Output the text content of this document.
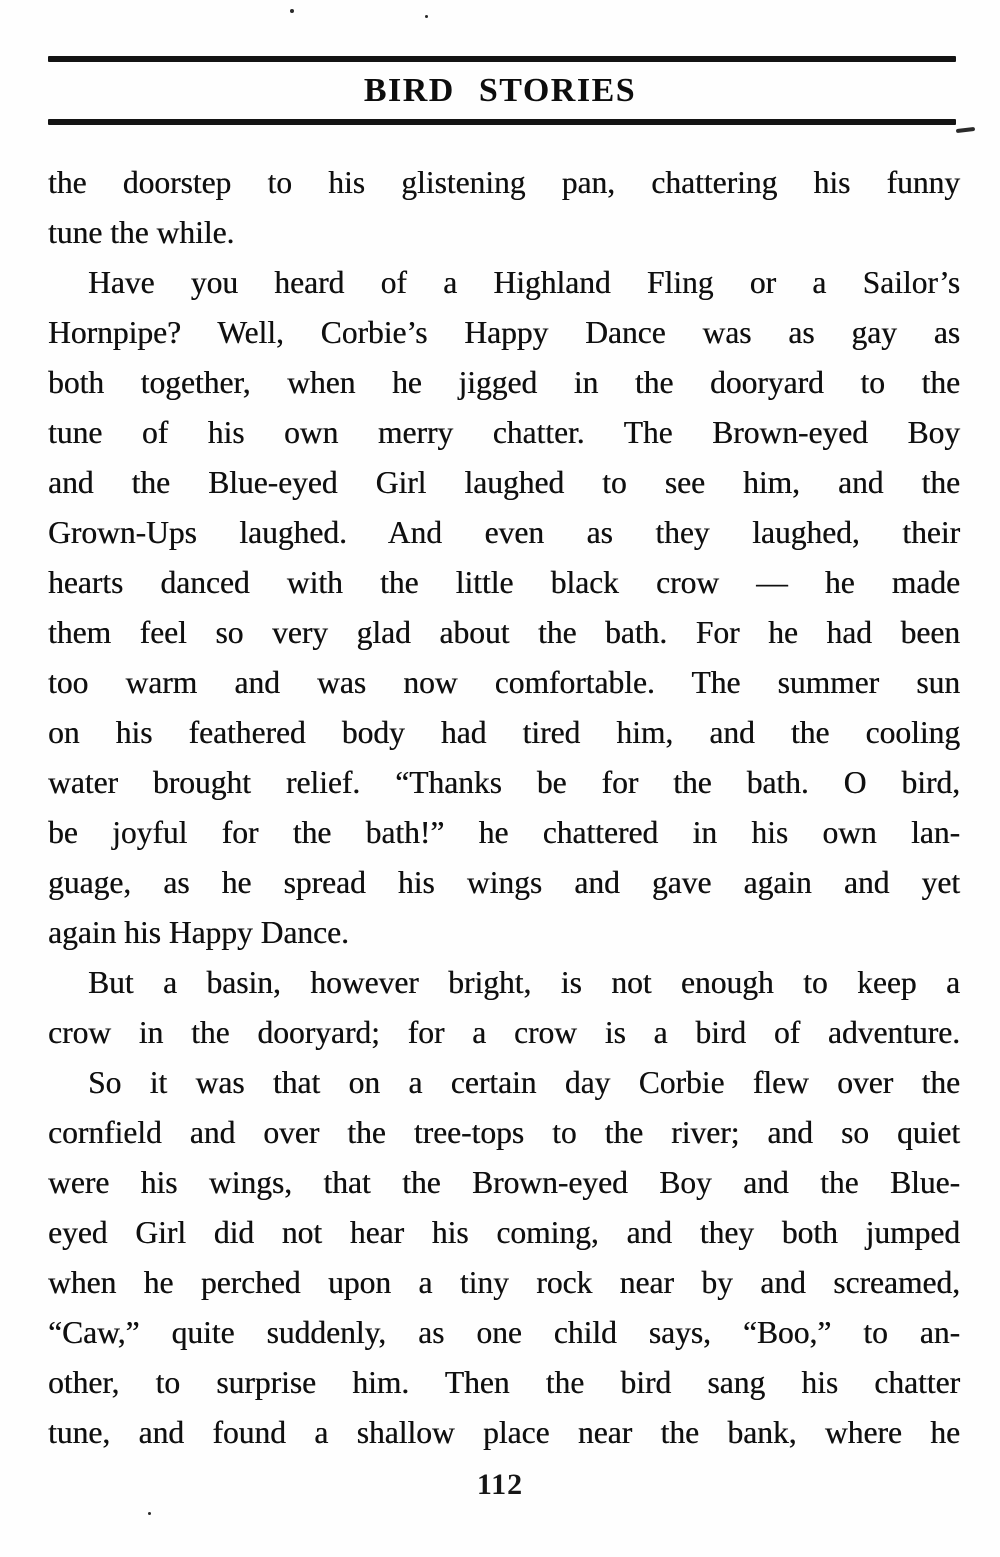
BIRD STORIES
the doorstep to his glistening pan, chattering his funny
tune the while.
Have you heard of a Highland Fling or a Sailor’s
Hornpipe? Well, Corbie’s Happy Dance was as gay as
both together, when he jigged in the dooryard to the
tune of his own merry chatter. The Brown-eyed Boy
and the Blue-eyed Girl laughed to see him, and the
Grown-Ups laughed. And even as they laughed, their
hearts danced with the little black crow — he made
them feel so very glad about the bath. For he had been
too warm and was now comfortable. The summer sun
on his feathered body had tired him, and the cooling
water brought relief. “Thanks be for the bath. O bird,
be joyful for the bath!” he chattered in his own lan-
guage, as he spread his wings and gave again and yet
again his Happy Dance.
But a basin, however bright, is not enough to keep a
crow in the dooryard; for a crow is a bird of adventure.
So it was that on a certain day Corbie flew over the
cornfield and over the tree-tops to the river; and so quiet
were his wings, that the Brown-eyed Boy and the Blue-
eyed Girl did not hear his coming, and they both jumped
when he perched upon a tiny rock near by and screamed,
“Caw,” quite suddenly, as one child says, “Boo,” to an-
other, to surprise him. Then the bird sang his chatter
tune, and found a shallow place near the bank, where he
112
